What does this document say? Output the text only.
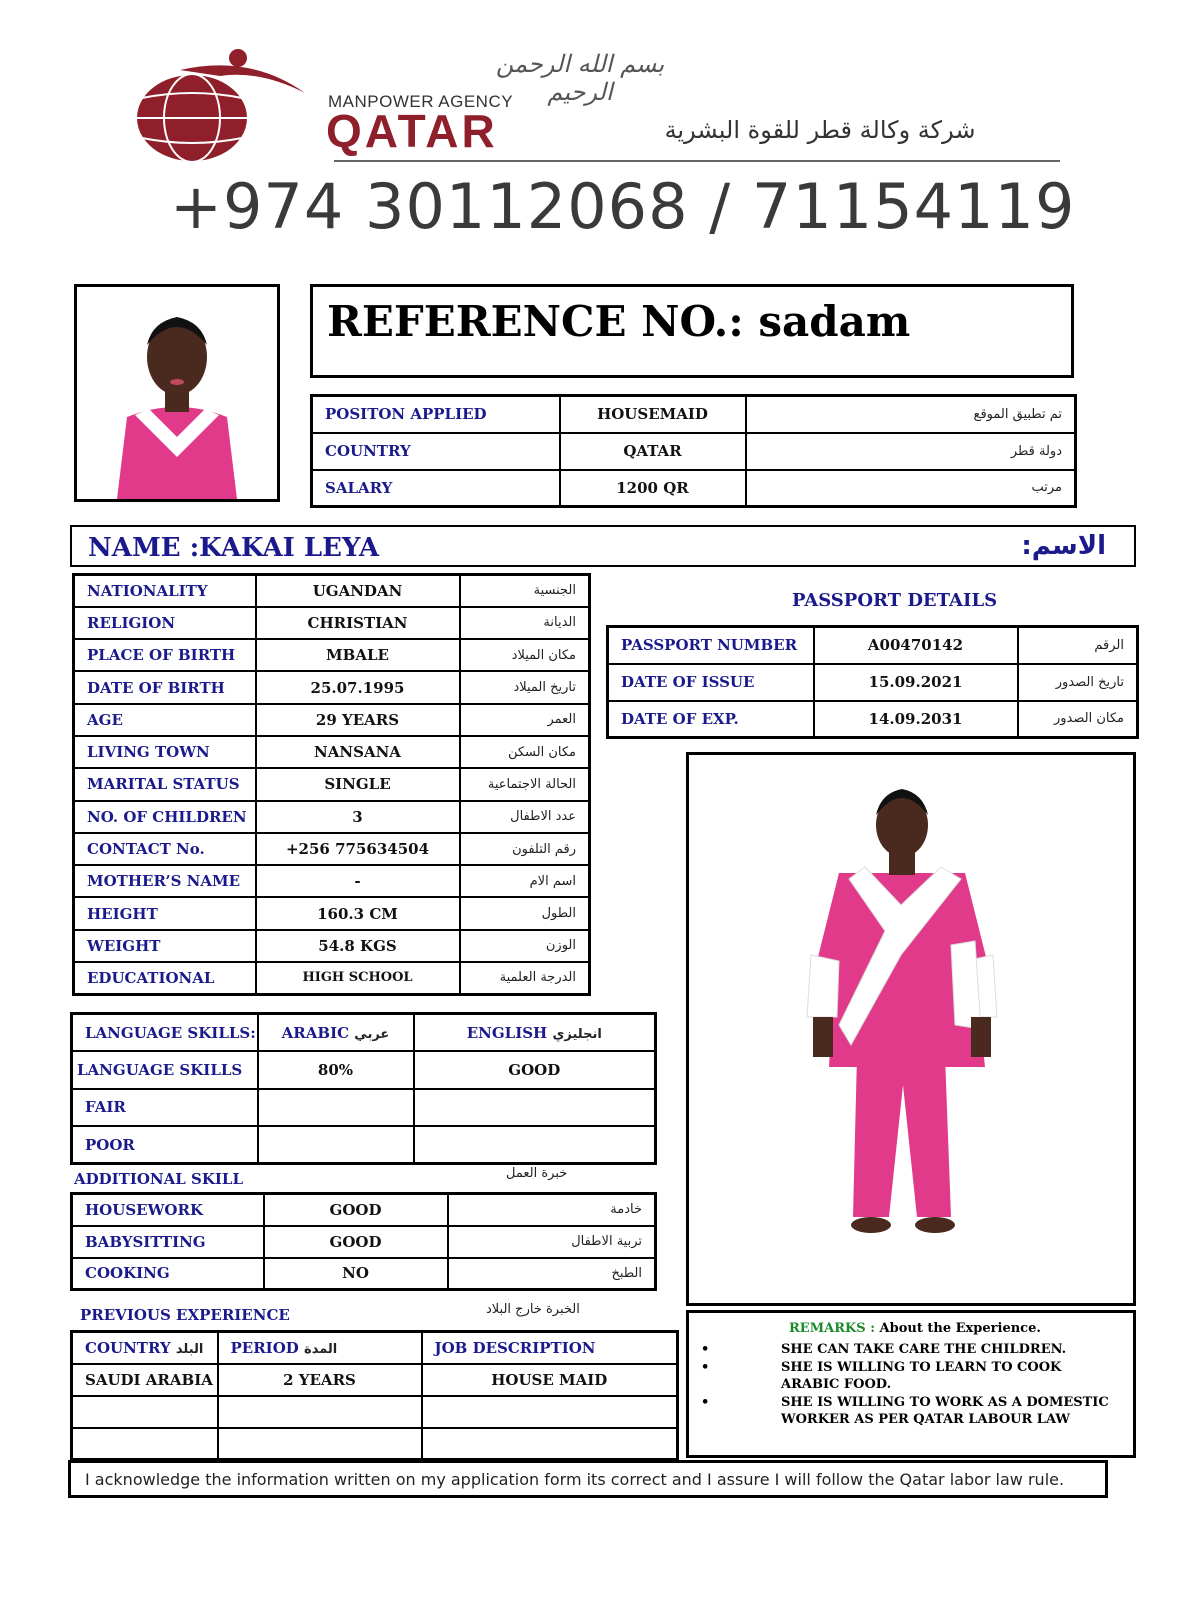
بسم الله الرحمن الرحيم
MANPOWER AGENCY
QATAR	شركة وكالة قطر للقوة البشرية
+974 30112068 / 71154119
REFERENCE NO.: sadam
POSITON APPLIED	HOUSEMAID	تم تطبيق الموقع
COUNTRY	QATAR	دولة قطر
SALARY	1200 QR	مرتب
NAME :KAKAI LEYA	الاسم:
NATIONALITY	UGANDAN	الجنسية
RELIGION	CHRISTIAN	الديانة
PLACE OF BIRTH	MBALE	مكان الميلاد
DATE OF BIRTH	25.07.1995	تاريخ الميلاد
AGE	29 YEARS	العمر
LIVING TOWN	NANSANA	مكان السكن
MARITAL STATUS	SINGLE	الحالة الاجتماعية
NO. OF CHILDREN	3	عدد الاطفال
CONTACT No.	+256 775634504	رقم التلفون
MOTHER’S NAME	-	اسم الام
HEIGHT	160.3 CM	الطول
WEIGHT	54.8 KGS	الوزن
EDUCATIONAL	HIGH SCHOOL	الدرجة العلمية
PASSPORT DETAILS
PASSPORT NUMBER	A00470142	الرقم
DATE OF ISSUE	15.09.2021	تاريخ الصدور
DATE OF EXP.	14.09.2031	مكان الصدور
LANGUAGE SKILLS:	ARABIC عربي	ENGLISH انجليزي
LANGUAGE SKILLS	80%	GOOD
FAIR		
POOR		
ADDITIONAL SKILL	خبرة العمل
HOUSEWORK	GOOD	خادمة
BABYSITTING	GOOD	تربية الاطفال
COOKING	NO	الطبخ
PREVIOUS EXPERIENCE	الخبرة خارج البلاد
COUNTRY البلد	PERIOD المدة	JOB DESCRIPTION
SAUDI ARABIA	2 YEARS	HOUSE MAID

REMARKS : About the Experience.
•	SHE CAN TAKE CARE THE CHILDREN.
•	SHE IS WILLING TO LEARN TO COOK ARABIC FOOD.
•	SHE IS WILLING TO WORK AS A DOMESTIC WORKER AS PER QATAR LABOUR LAW
I acknowledge the information written on my application form its correct and I assure I will follow the Qatar labor law rule.
